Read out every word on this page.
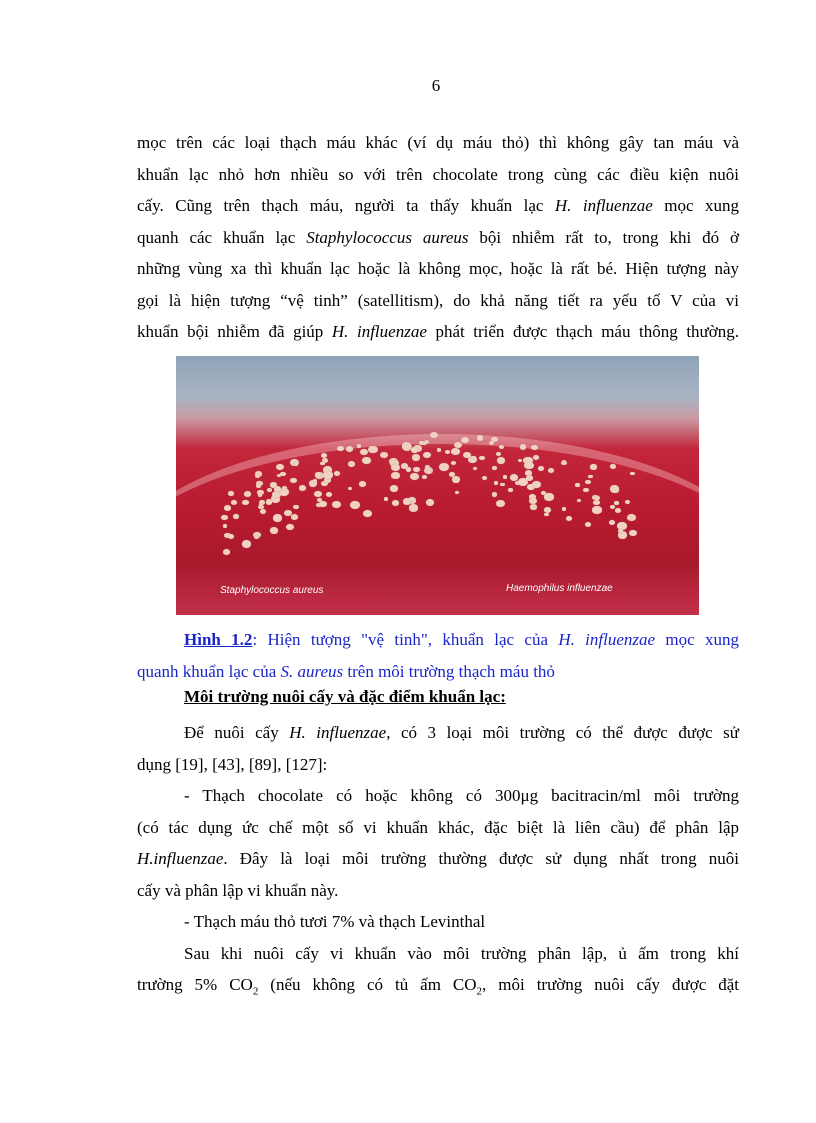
6
mọc trên các loại thạch máu khác (ví dụ máu thỏ) thì không gây tan máu và
khuẩn lạc nhỏ hơn nhiều so với trên chocolate trong cùng các điều kiện nuôi
cấy. Cũng trên thạch máu, người ta thấy khuẩn lạc H. influenzae mọc xung
quanh các khuẩn lạc Staphylococcus aureus bội nhiễm rất to, trong khi đó ở
những vùng xa thì khuẩn lạc hoặc là không mọc, hoặc là rất bé. Hiện tượng này
gọi là hiện tượng “vệ tinh” (satellitism), do khả năng tiết ra yếu tố V của vi
khuẩn bội nhiễm đã giúp H. influenzae phát triển được thạch máu thông thường.
Staphylococcus aureus	Haemophilus influenzae
Hình 1.2: Hiện tượng "vệ tinh", khuẩn lạc của H. influenzae mọc xung
quanh khuẩn lạc của S. aureus trên môi trường thạch máu thỏ
Môi trường nuôi cấy và đặc điểm khuẩn lạc:
Để nuôi cấy H. influenzae, có 3 loại môi trường có thể được được sử
dụng [19], [43], [89], [127]:
- Thạch chocolate có hoặc không có 300μg bacitracin/ml môi trường
(có tác dụng ức chế một số vi khuẩn khác, đặc biệt là liên cầu) để phân lập
H.influenzae. Đây là loại môi trường thường được sử dụng nhất trong nuôi
cấy và phân lập vi khuẩn này.
- Thạch máu thỏ tươi 7% và thạch Levinthal
Sau khi nuôi cấy vi khuẩn vào môi trường phân lập, ủ ấm trong khí
trường 5% $CO_2$ (nếu không có tủ ấm $CO_2$, môi trường nuôi cấy được đặt
